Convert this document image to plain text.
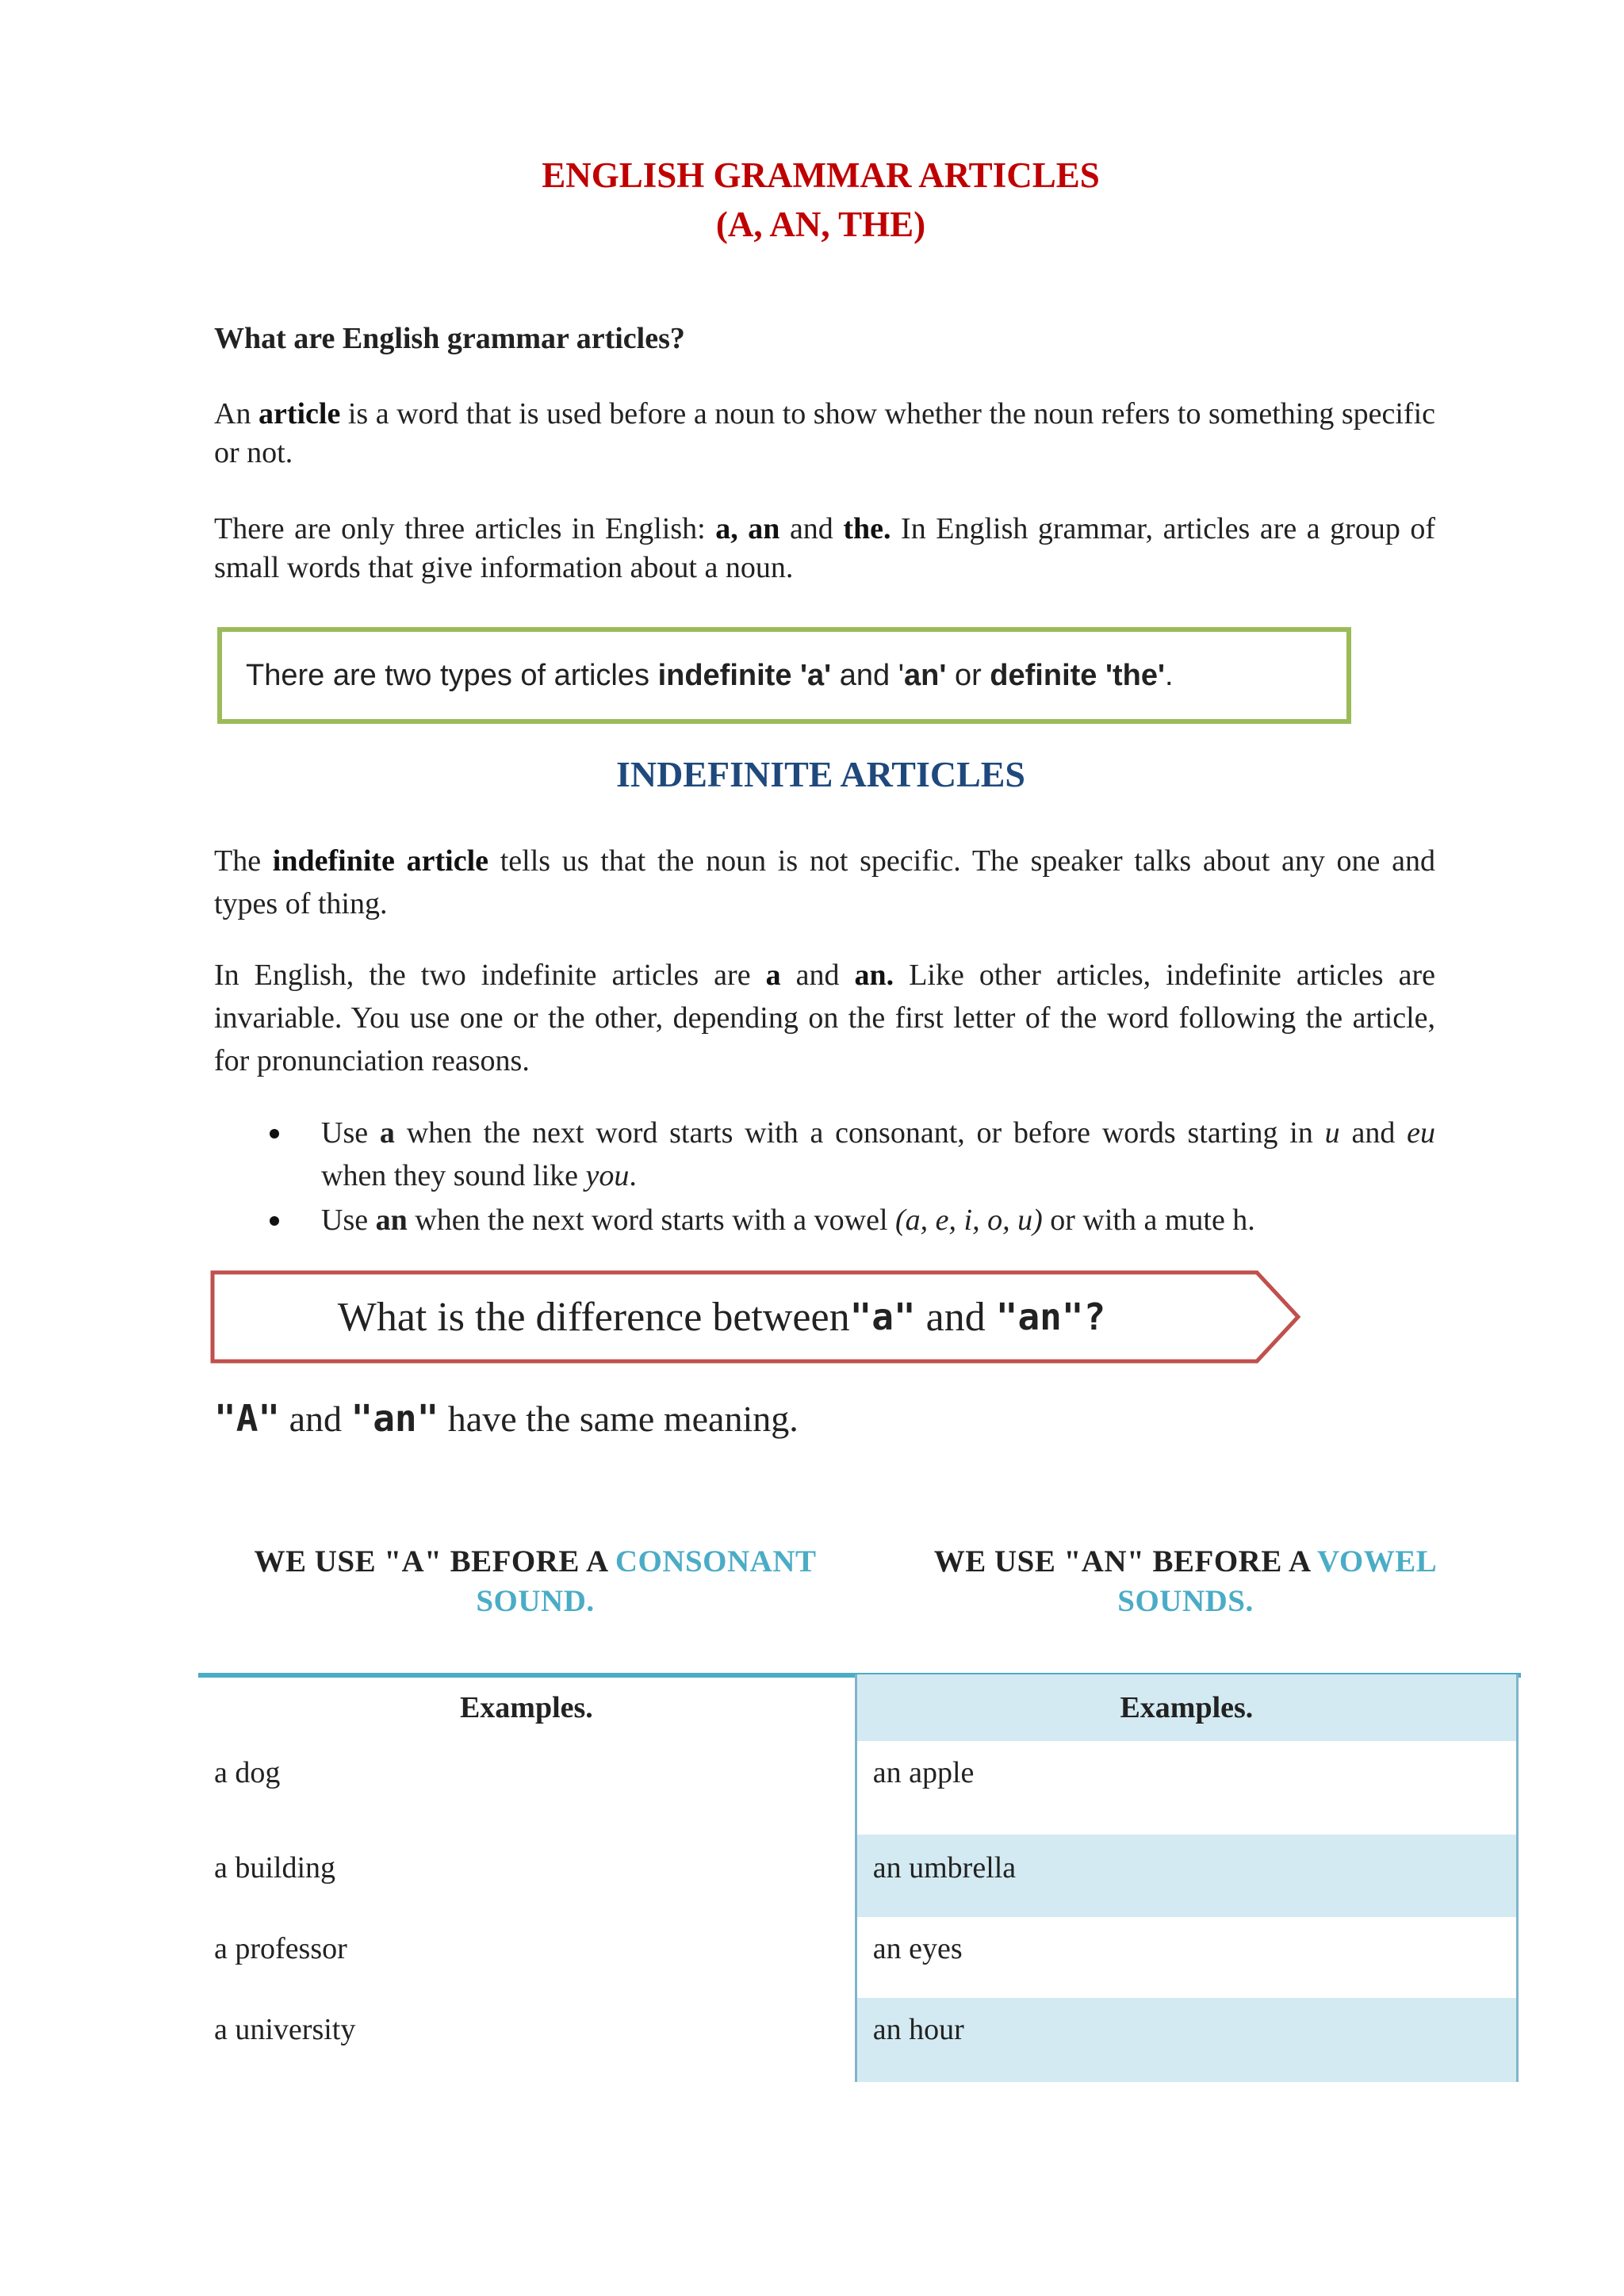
ENGLISH GRAMMAR ARTICLES
(A, AN, THE)
What are English grammar articles?
An article is a word that is used before a noun to show whether the noun refers to something specific or not.
There are only three articles in English: a, an and the. In English grammar, articles are a group of small words that give information about a noun.
There are two types of articles indefinite 'a' and 'an' or definite 'the'.
INDEFINITE ARTICLES
The indefinite article tells us that the noun is not specific. The speaker talks about any one and types of thing.
In English, the two indefinite articles are a and an. Like other articles, indefinite articles are invariable. You use one or the other, depending on the first letter of the word following the article, for pronunciation reasons.
Use a when the next word starts with a consonant, or before words starting in u and eu when they sound like you.
Use an when the next word starts with a vowel (a, e, i, o, u) or with a mute h.
What is the difference between "a" and "an"?
"A" and "an" have the same meaning.
WE USE "A" BEFORE A CONSONANT
SOUND.
WE USE "AN" BEFORE A VOWEL
SOUNDS.
Examples.	Examples.
a dog	an apple
a building	an umbrella
a professor	an eyes
a university	an hour
